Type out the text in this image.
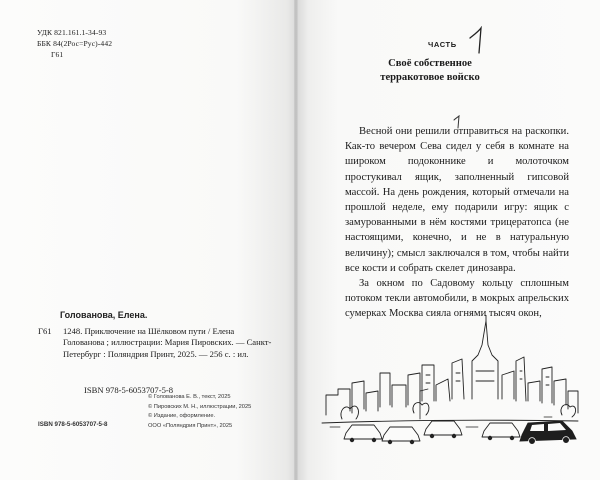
УДК 821.161.1-34-93
ББК 84(2Рос=Рус)-442
Г61
Голованова, Елена.
Г61 1248. Приключение на Шёлковом пути / Елена Голованова ; иллюстрации: Мария Пировских. — Санкт-Петербург : Поляндрия Принт, 2025. — 256 с. : ил.
ISBN 978-5-6053707-5-8
ISBN 978-5-6053707-5-8
© Голованова Е. В., текст, 2025
© Пировских М. Н., иллюстрации, 2025
© Издание, оформление.
ООО «Поляндрия Принт», 2025
ЧАСТЬ
Своё собственное
терракотовое войско

Весной они решили отправиться на раскопки. Как-то вечером Сева сидел у себя в комнате на широком подоконнике и молоточком простукивал ящик, заполненный гипсовой массой. На день рождения, который отмечали на прошлой неделе, ему подарили игру: ящик с замурованными в нём костями трицератопса (не настоящими, конечно, и не в натуральную величину); смысл заключался в том, чтобы найти все кости и собрать скелет динозавра.

За окном по Садовому кольцу сплошным потоком текли автомобили, в мокрых апрельских сумерках Москва сияла огнями тысяч окон,
